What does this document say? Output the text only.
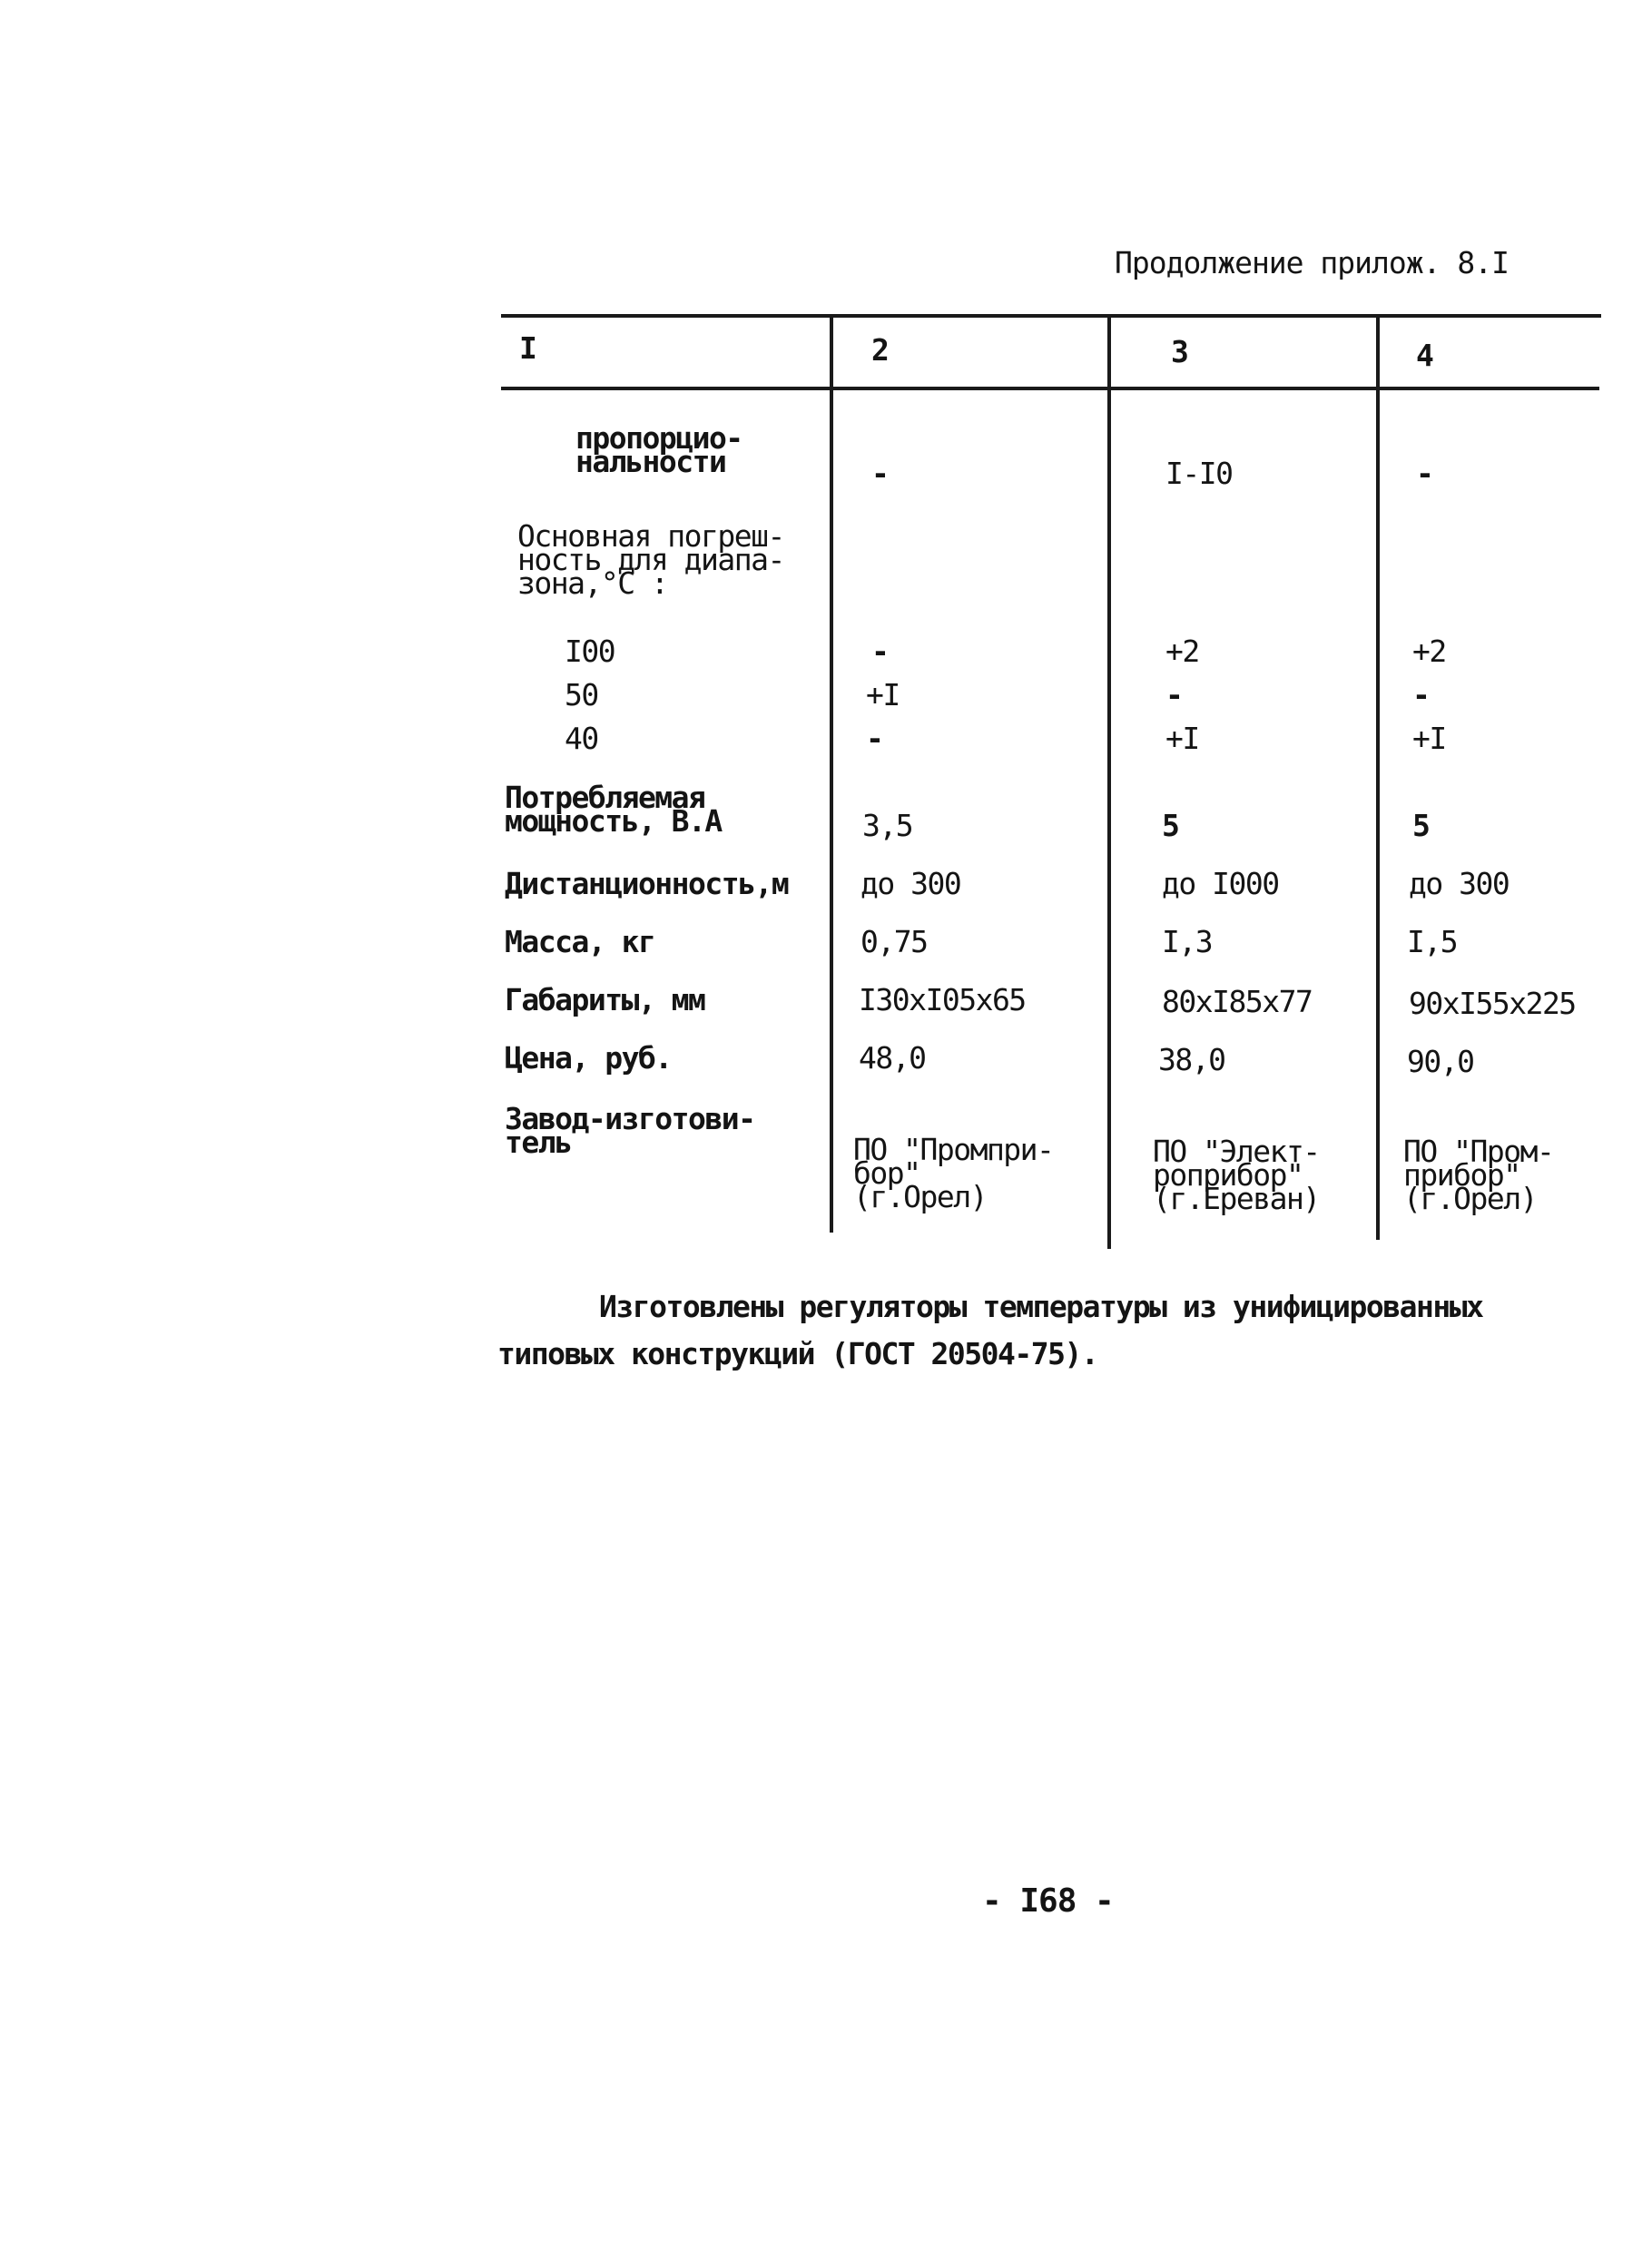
Продолжение прилож. 8.I
I	2	3	4
пропорцио-
нальности	-	I-I0	-
Основная погреш-
ность для диапа-
зона,°C :
I00	-	+2	+2
50	+I	-	-
40	-	+I	+I
Потребляемая
мощность, В.А	3,5	5	5
Дистанционность,м до 300	до I000	до 300
Масса, кг	0,75	I,3	I,5
Габариты, мм	I30xI05x65	80xI85x77	90xI55x225
Цена, руб.	48,0	38,0	90,0
Завод-изготови-
тель	ПО "Промпри-
бор"
(г.Орел)
ПО "Элект-
роприбор"
(г.Ереван)
ПО "Пром-
прибор"
(г.Орел)
Изготовлены регуляторы температуры из унифицированных
типовых конструкций (ГОСТ 20504-75).
- I68 -
